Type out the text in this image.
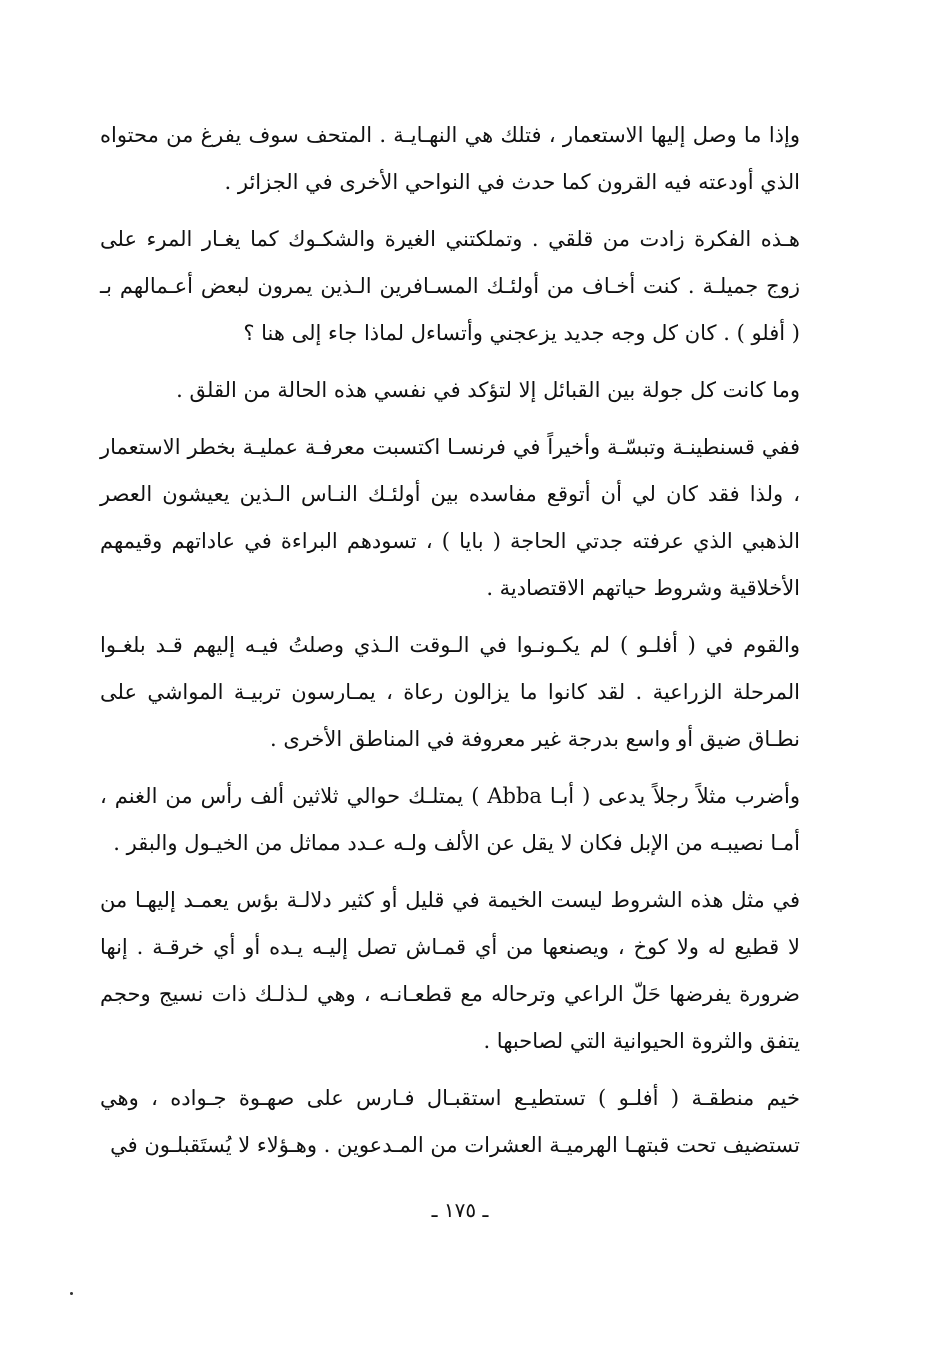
وإذا ما وصل إليها الاستعمار ، فتلك هي النهـايـة . المتحف سوف يفرغ من محتواه الذي أودعته فيه القرون كما حدث في النواحي الأخرى في الجزائر .

هـذه الفكرة زادت من قلقي . وتملكتني الغيرة والشكـوك كما يغـار المرء على زوج جميلـة . كنت أخـاف من أولئـك المسـافرين الـذين يمرون لبعض أعـمالهم بـ ( أفلو ) . كان كل وجه جديد يزعجني وأتساءل لماذا جاء إلى هنا ؟

وما كانت كل جولة بين القبائل إلا لتؤكد في نفسي هذه الحالة من القلق .

ففي قسنطينـة وتبسّـة وأخيراً في فرنسـا اكتسبت معرفـة عمليـة بخطر الاستعمار ، ولذا فقد كان لي أن أتوقع مفاسده بين أولئـك النـاس الـذين يعيشون العصر الذهبي الذي عرفته جدتي الحاجة ( بايا ) ، تسودهم البراءة في عاداتهم وقيمهم الأخلاقية وشروط حياتهم الاقتصادية .

والقوم في ( أفلـو ) لم يكـونـوا في الـوقت الـذي وصلتُ فيـه إليهم قـد بلغـوا المرحلة الزراعية . لقد كانوا ما يزالون رعاة ، يمـارسون تربيـة المواشي على نطـاق ضيق أو واسع بدرجة غير معروفة في المناطق الأخرى .

وأضرب مثلاً رجلاً يدعى ( أبـا Abba ) يمتلـك حوالي ثلاثين ألف رأس من الغنم ، أمـا نصيبـه من الإبل فكان لا يقل عن الألف ولـه عـدد مماثل من الخيـول والبقر .

في مثل هذه الشروط ليست الخيمة في قليل أو كثير دلالـة بؤس يعمـد إليهـا من لا قطيع له ولا كوخ ، ويصنعها من أي قمـاش تصل إليـه يـده أو أي خرقـة . إنها ضرورة يفرضها حَلّ الراعي وترحاله مع قطعـانـه ، وهي لـذلـك ذات نسيج وحجم يتفق والثروة الحيوانية التي لصاحبها .

خيم منطقـة ( أفلـو ) تستطيـع استقبـال فـارس على صهـوة جـواده ، وهي تستضيف تحت قبتهـا الهرميـة العشرات من المـدعوين . وهـؤلاء لا يُستَقبلـون في

ـ ١٧٥ ـ
